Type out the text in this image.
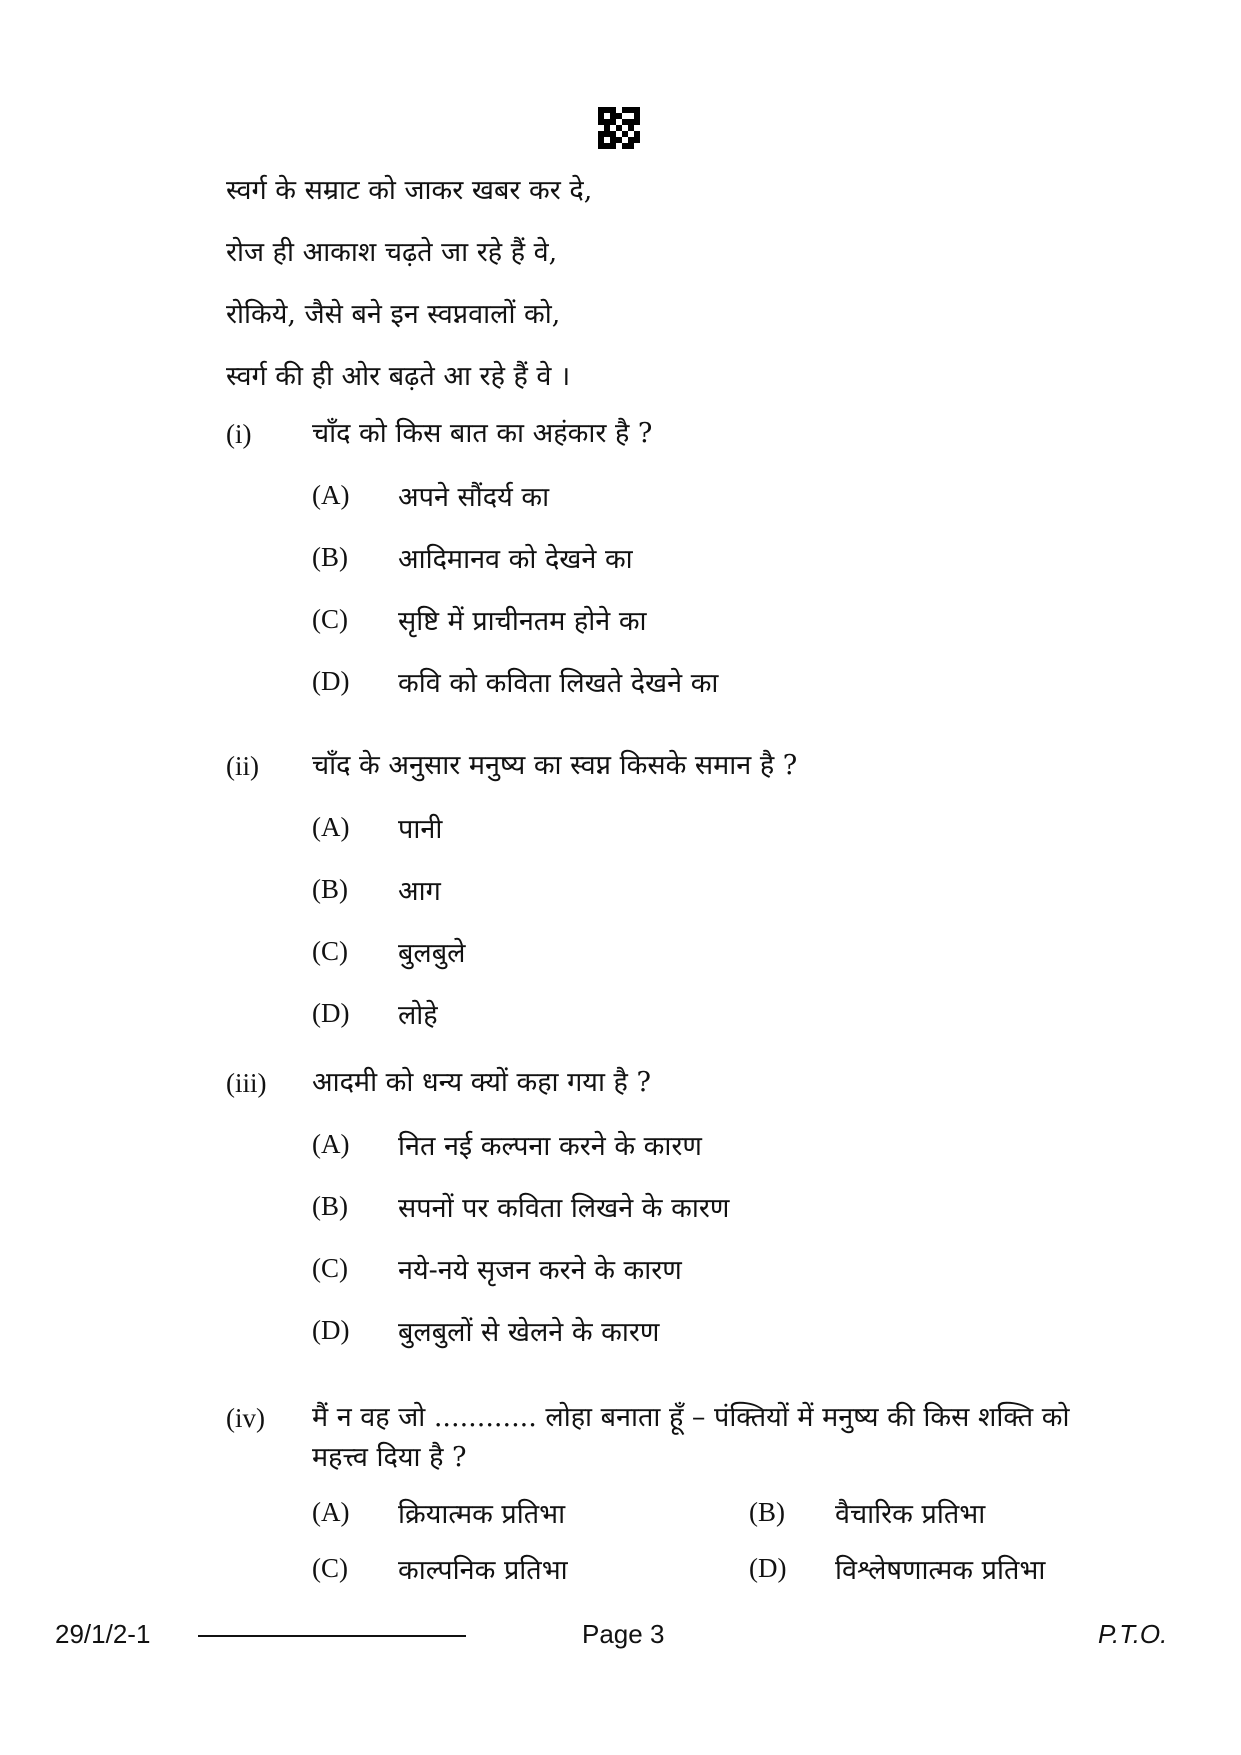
स्वर्ग के सम्राट को जाकर खबर कर दे,
रोज ही आकाश चढ़ते जा रहे हैं वे,
रोकिये, जैसे बने इन स्वप्नवालों को,
स्वर्ग की ही ओर बढ़ते आ रहे हैं वे ।
(i)	चाँद को किस बात का अहंकार है ?
(A)	अपने सौंदर्य का
(B)	आदिमानव को देखने का
(C)	सृष्टि में प्राचीनतम होने का
(D)	कवि को कविता लिखते देखने का
(ii)	चाँद के अनुसार मनुष्य का स्वप्न किसके समान है ?
(A)	पानी
(B)	आग
(C)	बुलबुले
(D)	लोहे
(iii)	आदमी को धन्य क्यों कहा गया है ?
(A)	नित नई कल्पना करने के कारण
(B)	सपनों पर कविता लिखने के कारण
(C)	नये-नये सृजन करने के कारण
(D)	बुलबुलों से खेलने के कारण
(iv)	मैं न वह जो ............ लोहा बनाता हूँ – पंक्तियों में मनुष्य की किस शक्ति को महत्त्व दिया है ?
(A)	क्रियात्मक प्रतिभा	(B)	वैचारिक प्रतिभा
(C)	काल्पनिक प्रतिभा	(D)	विश्लेषणात्मक प्रतिभा
29/1/2-1	Page 3	P.T.O.
